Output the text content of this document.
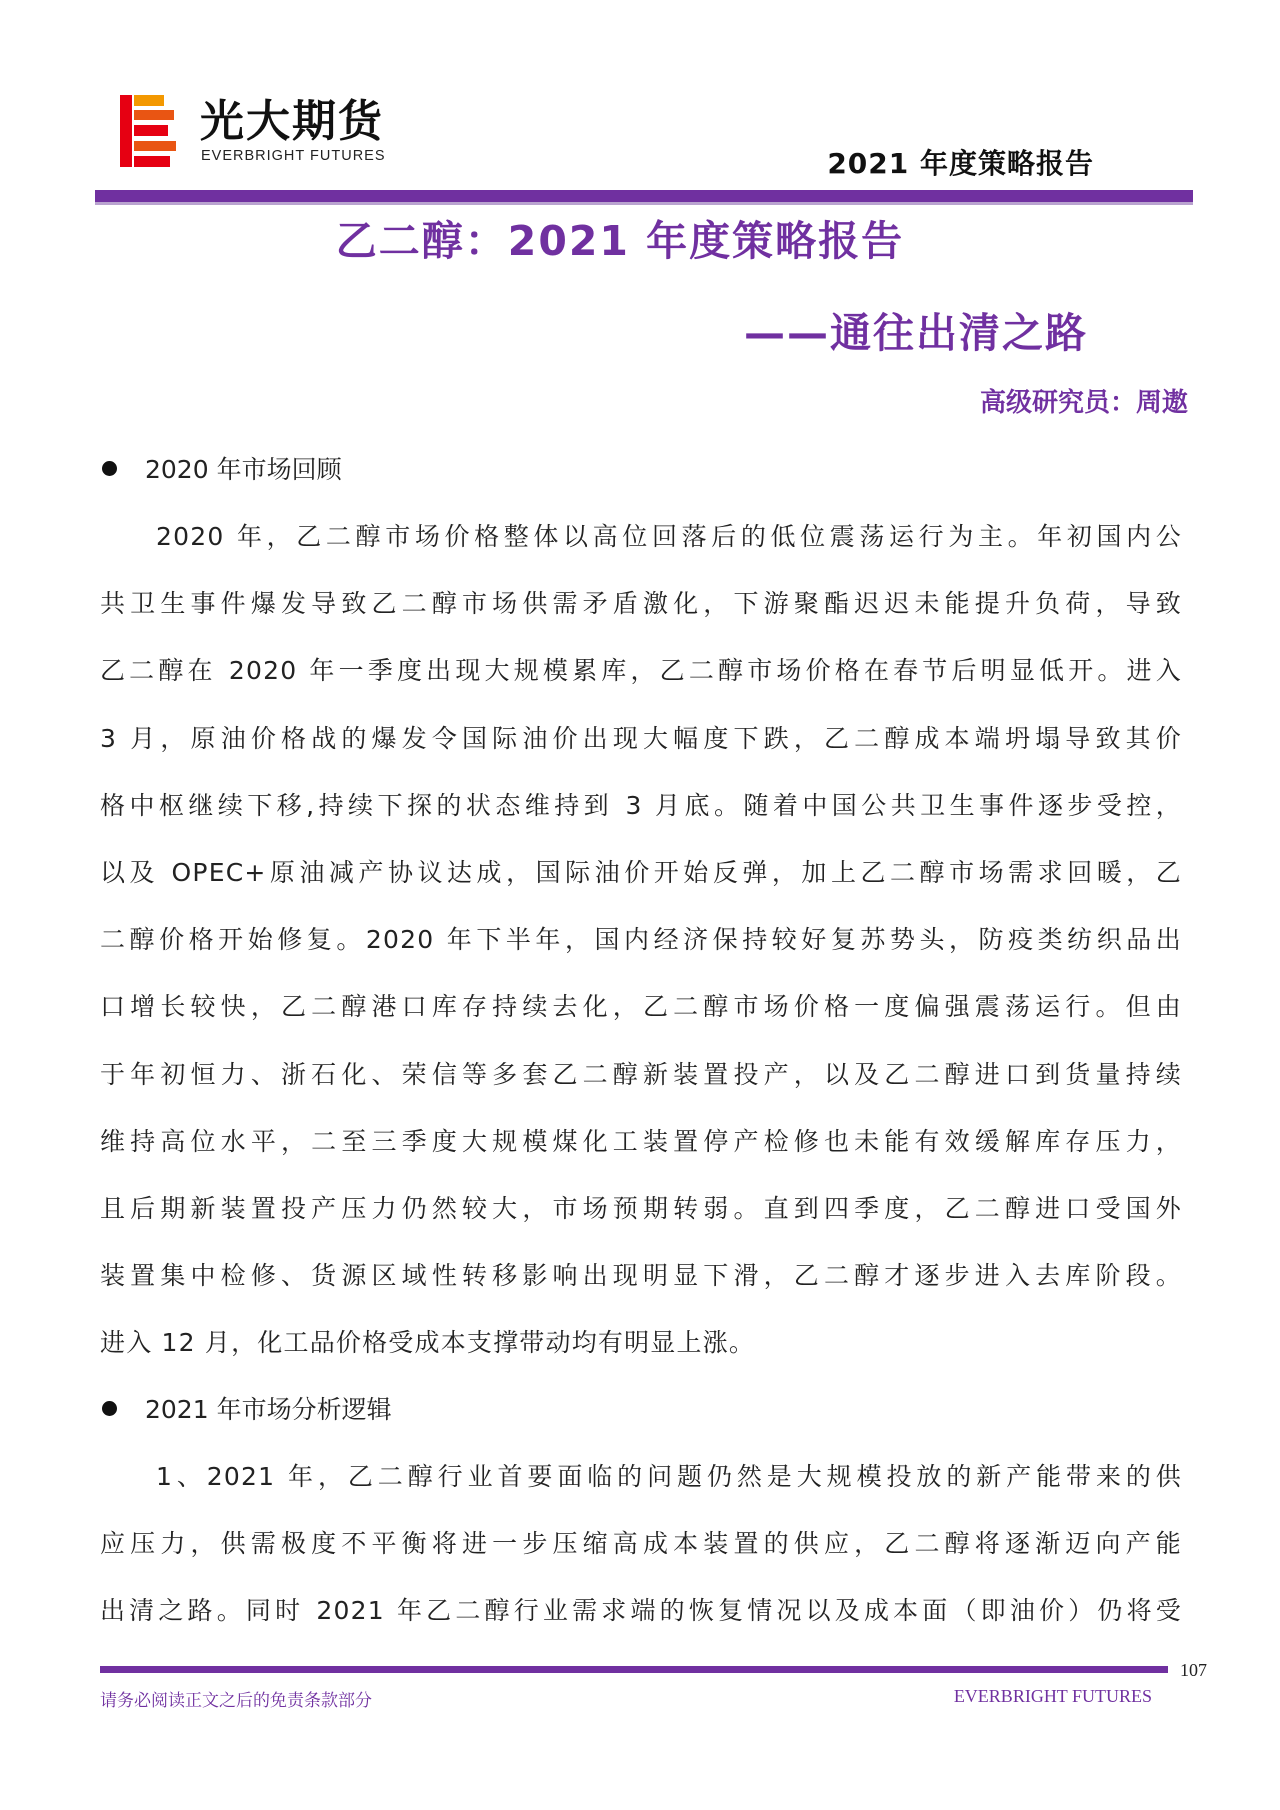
光大期货
EVERBRIGHT FUTURES	2021 年度策略报告
乙二醇：2021 年度策略报告
——通往出清之路
高级研究员：周遨
2020 年市场回顾
2020 年，乙二醇市场价格整体以高位回落后的低位震荡运行为主。年初国内公
共卫生事件爆发导致乙二醇市场供需矛盾激化，下游聚酯迟迟未能提升负荷，导致
乙二醇在 2020 年一季度出现大规模累库，乙二醇市场价格在春节后明显低开。进入
3 月，原油价格战的爆发令国际油价出现大幅度下跌，乙二醇成本端坍塌导致其价
格中枢继续下移,持续下探的状态维持到 3 月底。随着中国公共卫生事件逐步受控，
以及 OPEC+原油减产协议达成，国际油价开始反弹，加上乙二醇市场需求回暖，乙
二醇价格开始修复。2020 年下半年，国内经济保持较好复苏势头，防疫类纺织品出
口增长较快，乙二醇港口库存持续去化，乙二醇市场价格一度偏强震荡运行。但由
于年初恒力、浙石化、荣信等多套乙二醇新装置投产，以及乙二醇进口到货量持续
维持高位水平，二至三季度大规模煤化工装置停产检修也未能有效缓解库存压力，
且后期新装置投产压力仍然较大，市场预期转弱。直到四季度，乙二醇进口受国外
装置集中检修、货源区域性转移影响出现明显下滑，乙二醇才逐步进入去库阶段。
进入 12 月，化工品价格受成本支撑带动均有明显上涨。
2021 年市场分析逻辑
1、2021 年，乙二醇行业首要面临的问题仍然是大规模投放的新产能带来的供
应压力，供需极度不平衡将进一步压缩高成本装置的供应，乙二醇将逐渐迈向产能
出清之路。同时 2021 年乙二醇行业需求端的恢复情况以及成本面（即油价）仍将受
107
请务必阅读正文之后的免责条款部分	EVERBRIGHT FUTURES
